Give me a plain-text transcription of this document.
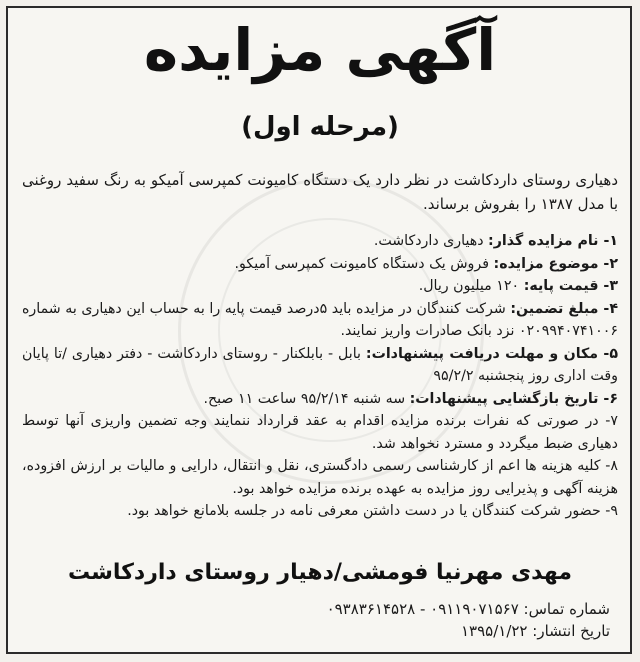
آگهی مزایده
(مرحله اول)

دهیاری روستای داردکاشت در نظر دارد یک دستگاه کامیونت کمپرسی آمیکو به رنگ سفید روغنی با مدل ۱۳۸۷ را بفروش برساند.

۱- نام مزایده گذار: دهیاری داردکاشت.
۲- موضوع مزایده: فروش یک دستگاه کامیونت کمپرسی آمیکو.
۳- قیمت پایه: ۱۲۰ میلیون ریال.
۴- مبلغ تضمین: شرکت کنندگان در مزایده باید ۵درصد قیمت پایه را به حساب این دهیاری به شماره ۰۲۰۹۹۴۰۷۴۱۰۰۶ نزد بانک صادرات واریز نمایند.
۵- مکان و مهلت دریافت پیشنهادات: بابل - بابلکنار - روستای داردکاشت - دفتر دهیاری /تا پایان وقت اداری روز پنجشنبه ۹۵/۲/۲
۶- تاریخ بازگشایی پیشنهادات: سه شنبه ۹۵/۲/۱۴ ساعت ۱۱ صبح.
۷- در صورتی که نفرات برنده مزایده اقدام به عقد قرارداد ننمایند وجه تضمین واریزی آنها توسط دهیاری ضبط میگردد و مسترد نخواهد شد.
۸- کلیه هزینه ها اعم از کارشناسی رسمی دادگستری، نقل و انتقال، دارایی و مالیات بر ارزش افزوده، هزینه آگهی و پذیرایی روز مزایده به عهده برنده مزایده خواهد بود.
۹- حضور شرکت کنندگان یا در دست داشتن معرفی نامه در جلسه بلامانع خواهد بود.
مهدی مهرنیا فومشی/دهیار روستای داردکاشت
شماره تماس: ۰۹۱۱۹۰۷۱۵۶۷ - ۰۹۳۸۳۶۱۴۵۲۸
تاریخ انتشار: ۱۳۹۵/۱/۲۲
